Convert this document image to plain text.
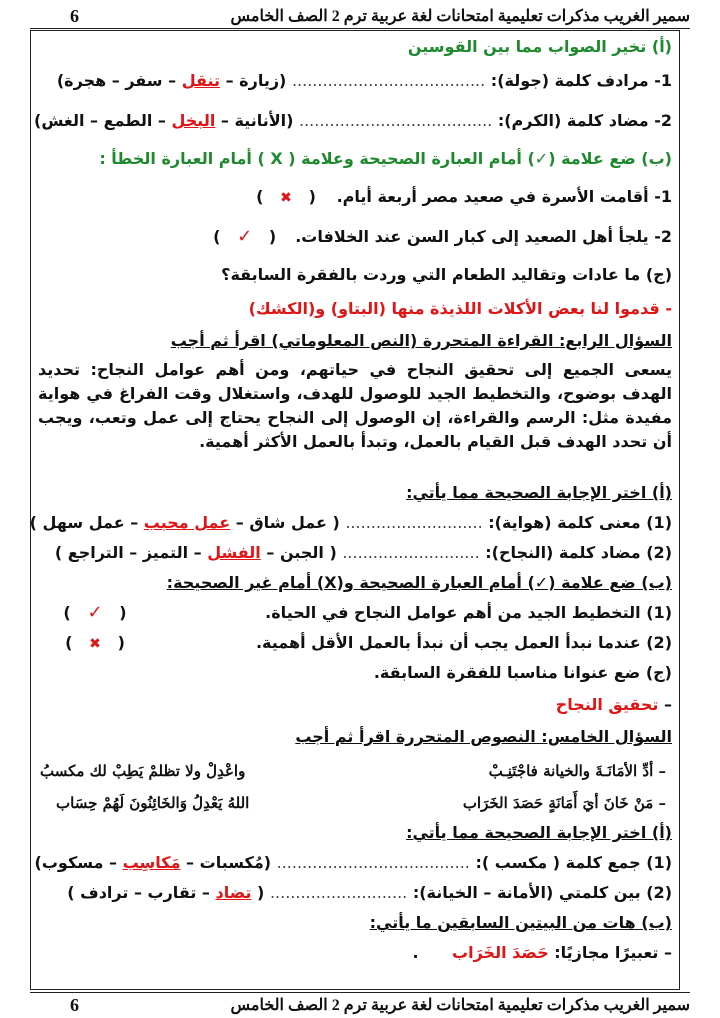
6	سمير الغريب مذكرات تعليمية امتحانات لغة عربية ترم 2 الصف الخامس
(أ) تخير الصواب مما بين القوسين
1- مرادف كلمة (جولة): ...................................... (زيارة – تنقل – سفر – هجرة)
2- مضاد كلمة (الكرم): ...................................... (الأنانية – البخل – الطمع – الغش)
(ب) ضع علامة (✓) أمام العبارة الصحيحة وعلامة ( X ) أمام العبارة الخطأ :
1- أقامت الأسرة في صعيد مصر أربعة أيام. (   ✖   )
2- يلجأ أهل الصعيد إلى كبار السن عند الخلافات. (   ✓   )
(ج) ما عادات وتقاليد الطعام التي وردت بالفقرة السابقة؟
- قدموا لنا بعض الأكلات اللذيذة منها (البتاو) و(الكشك)
السؤال الرابع: القراءة المتحررة (النص المعلوماتي) اقرأ ثم أجب
يسعى الجميع إلى تحقيق النجاح في حياتهم، ومن أهم عوامل النجاح: تحديد الهدف بوضوح، والتخطيط الجيد للوصول للهدف، واستغلال وقت الفراغ في هواية مفيدة مثل: الرسم والقراءة، إن الوصول إلى النجاح يحتاج إلى عمل وتعب، ويجب أن تحدد الهدف قبل القيام بالعمل، وتبدأ بالعمل الأكثر أهمية.
(أ) اختر الإجابة الصحيحة مما يأتي:
(1) معنى كلمة (هواية): ........................... ( عمل شاق – عمل محبب – عمل سهل )
(2) مضاد كلمة (النجاح): ........................... ( الجبن – الفشل – التميز – التراجع )
(ب) ضع علامة (✓) أمام العبارة الصحيحة و(X) أمام غير الصحيحة:
(1) التخطيط الجيد من أهم عوامل النجاح في الحياة.
(   ✓   )
(2) عندما نبدأ العمل يجب أن نبدأ بالعمل الأقل أهمية.
(   ✖   )
(ج) ضع عنوانا مناسبا للفقرة السابقة.
– تحقيق النجاح
السؤال الخامس: النصوص المتحررة اقرأ ثم أجب
– أدِّ الأمَانَـةَ والخيانة فاجْتَنِـبْ
واعْدِلْ ولا تظلمْ يَطِبْ لك مكسبُ
– مَنْ خَانَ أيَ أَمَانَةٍ حَصَدَ الخَرَاب
اللهُ يَعْدِلُ وَالخَائِنُونَ لَهُمْ حِسَاب
(أ) اختر الإجابة الصحيحة مما يأتي:
(1) جمع كلمة ( مكسب ): ...................................... (مُكسبات – مَكاسِب – مسكوب)
(2) بين كلمتي (الأمانة – الخيانة): ........................... ( تضاد – تقارب – ترادف )
(ب) هات من البيتين السابقين ما يأتي:
– تعبيرًا مجازيًا: حَصَدَ الخَرَاب      .
6	سمير الغريب مذكرات تعليمية امتحانات لغة عربية ترم 2 الصف الخامس
